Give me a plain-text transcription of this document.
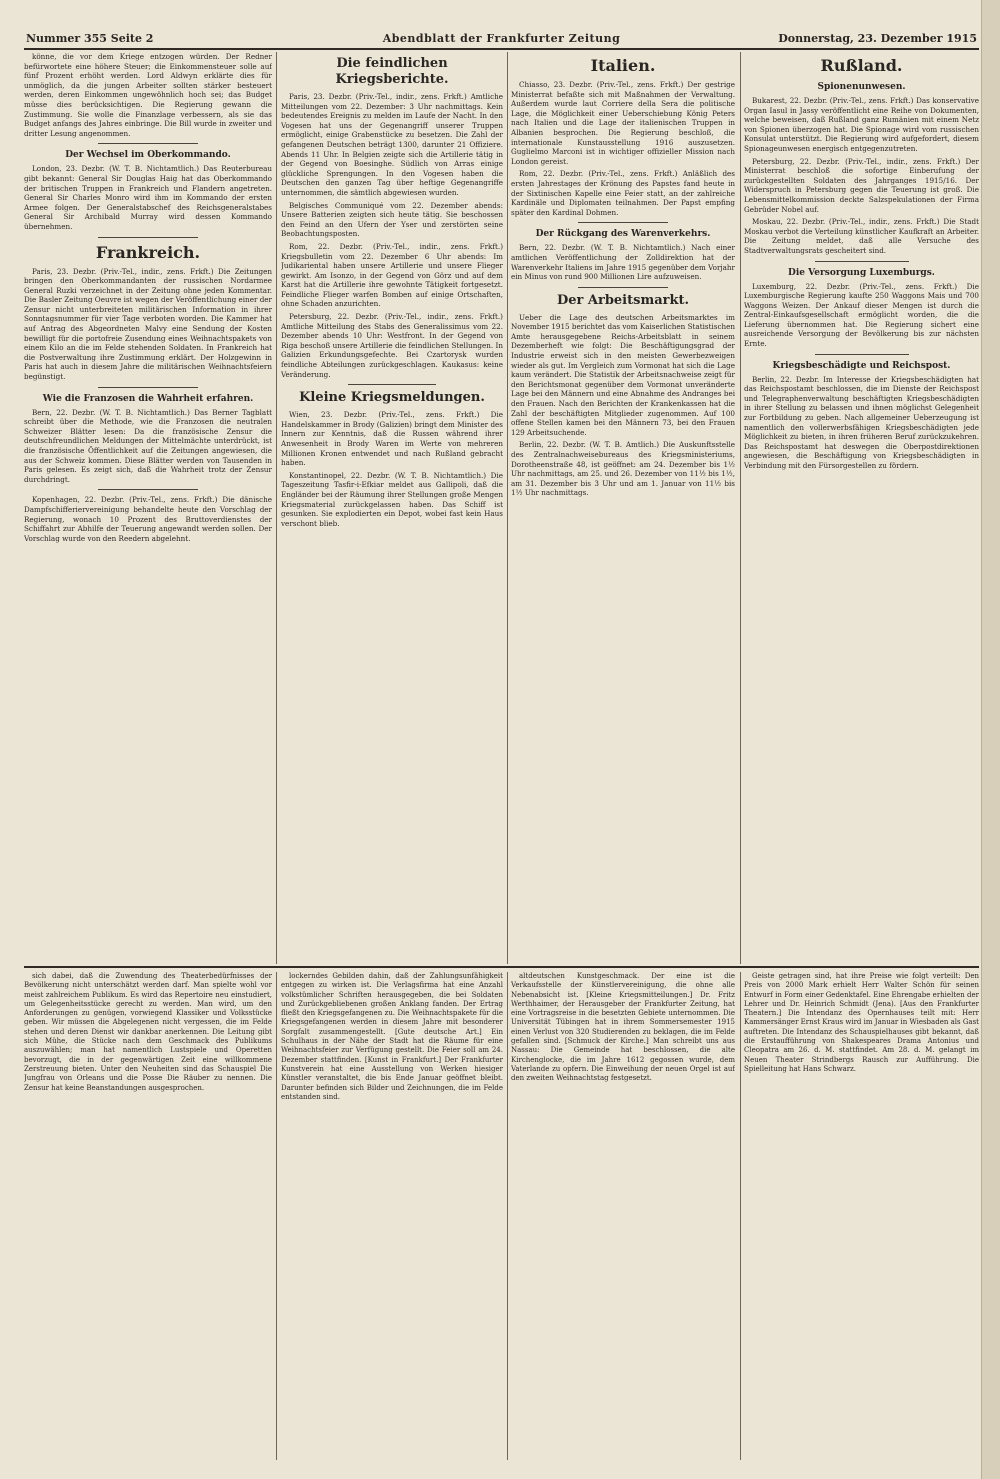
Nummer 355 Seite 2	Abendblatt der Frankfurter Zeitung	Donnerstag, 23. Dezember 1915

könne, die vor dem Kriege entzogen würden. Der Redner befürwortete eine höhere Steuer; die Einkommensteuer solle auf fünf Prozent erhöht werden. Lord Aldwyn erklärte dies für unmöglich, da die jungen Arbeiter sollten stärker besteuert werden, deren Einkommen ungewöhnlich hoch sei; das Budget müsse dies berücksichtigen. Die Regierung gewann die Zustimmung. Sie wolle die Finanzlage verbessern, als sie das Budget anfangs des Jahres einbringe. Die Bill wurde in zweiter und dritter Lesung angenommen.

Der Wechsel im Oberkommando.

London, 23. Dezbr. (W. T. B. Nichtamtlich.) Das Reuterbureau gibt bekannt: General Sir Douglas Haig hat das Oberkommando der britischen Truppen in Frankreich und Flandern angetreten. General Sir Charles Monro wird ihm im Kommando der ersten Armee folgen. Der Generalstabschef des Reichsgeneralstabes General Sir Archibald Murray wird dessen Kommando übernehmen.

Frankreich.

Paris, 23. Dezbr. (Priv.-Tel., indir., zens. Frkft.) Die Zeitungen bringen den Oberkommandanten der russischen Nordarmee General Ruzki verzeichnet in der Zeitung ohne jeden Kommentar. Die Basler Zeitung Oeuvre ist wegen der Veröffentlichung einer der Zensur nicht unterbreiteten militärischen Information in ihrer Sonntagsnummer für vier Tage verboten worden. Die Kammer hat auf Antrag des Abgeordneten Malvy eine Sendung der Kosten bewilligt für die portofreie Zusendung eines Weihnachtspakets von einem Kilo an die im Felde stehenden Soldaten. In Frankreich hat die Postverwaltung ihre Zustimmung erklärt. Der Holzgewinn in Paris hat auch in diesem Jahre die militärischen Weihnachtsfeiern begünstigt.

Wie die Franzosen die Wahrheit erfahren.

Bern, 22. Dezbr. (W. T. B. Nichtamtlich.) Das Berner Tagblatt schreibt über die Methode, wie die Franzosen die neutralen Schweizer Blätter lesen: Da die französische Zensur die deutschfreundlichen Meldungen der Mittelmächte unterdrückt, ist die französische Öffentlichkeit auf die Zeitungen angewiesen, die aus der Schweiz kommen. Diese Blätter werden von Tausenden in Paris gelesen. Es zeigt sich, daß die Wahrheit trotz der Zensur durchdringt.

Kopenhagen, 22. Dezbr. (Priv.-Tel., zens. Frkft.) Die dänische Dampfschifferiervereinigung behandelte heute den Vorschlag der Regierung, wonach 10 Prozent des Bruttoverdienstes der Schiffahrt zur Abhilfe der Teuerung angewandt werden sollen. Der Vorschlag wurde von den Reedern abgelehnt.

Die feindlichen Kriegsberichte.

Paris, 23. Dezbr. (Priv.-Tel., indir., zens. Frkft.) Amtliche Mitteilungen vom 22. Dezember: 3 Uhr nachmittags. Kein bedeutendes Ereignis zu melden im Laufe der Nacht. In den Vogesen hat uns der Gegenangriff unserer Truppen ermöglicht, einige Grabenstücke zu besetzen. Die Zahl der gefangenen Deutschen beträgt 1300, darunter 21 Offiziere. Abends 11 Uhr. In Belgien zeigte sich die Artillerie tätig in der Gegend von Boesinghe. Südlich von Arras einige glückliche Sprengungen. In den Vogesen haben die Deutschen den ganzen Tag über heftige Gegenangriffe unternommen, die sämtlich abgewiesen wurden.

Belgisches Communiqué vom 22. Dezember abends: Unsere Batterien zeigten sich heute tätig. Sie beschossen den Feind an den Ufern der Yser und zerstörten seine Beobachtungsposten.

Rom, 22. Dezbr. (Priv.-Tel., indir., zens. Frkft.) Kriegsbulletin vom 22. Dezember 6 Uhr abends: Im Judikariental haben unsere Artillerie und unsere Flieger gewirkt. Am Isonzo, in der Gegend von Görz und auf dem Karst hat die Artillerie ihre gewohnte Tätigkeit fortgesetzt. Feindliche Flieger warfen Bomben auf einige Ortschaften, ohne Schaden anzurichten.

Petersburg, 22. Dezbr. (Priv.-Tel., indir., zens. Frkft.) Amtliche Mitteilung des Stabs des Generalissimus vom 22. Dezember abends 10 Uhr: Westfront. In der Gegend von Riga beschoß unsere Artillerie die feindlichen Stellungen. In Galizien Erkundungsgefechte. Bei Czartorysk wurden feindliche Abteilungen zurückgeschlagen. Kaukasus: keine Veränderung.

Kleine Kriegsmeldungen.

Wien, 23. Dezbr. (Priv.-Tel., zens. Frkft.) Die Handelskammer in Brody (Galizien) bringt dem Minister des Innern zur Kenntnis, daß die Russen während ihrer Anwesenheit in Brody Waren im Werte von mehreren Millionen Kronen entwendet und nach Rußland gebracht haben.

Konstantinopel, 22. Dezbr. (W. T. B. Nichtamtlich.) Die Tageszeitung Tasfir-i-Efkiar meldet aus Gallipoli, daß die Engländer bei der Räumung ihrer Stellungen große Mengen Kriegsmaterial zurückgelassen haben. Das Schiff ist gesunken. Sie explodierten ein Depot, wobei fast kein Haus verschont blieb.

Italien.

Chiasso, 23. Dezbr. (Priv.-Tel., zens. Frkft.) Der gestrige Ministerrat befaßte sich mit Maßnahmen der Verwaltung. Außerdem wurde laut Corriere della Sera die politische Lage, die Möglichkeit einer Ueberschiebung König Peters nach Italien und die Lage der italienischen Truppen in Albanien besprochen. Die Regierung beschloß, die internationale Kunstausstellung 1916 auszusetzen. Guglielmo Marconi ist in wichtiger offizieller Mission nach London gereist.

Rom, 22. Dezbr. (Priv.-Tel., zens. Frkft.) Anläßlich des ersten Jahrestages der Krönung des Papstes fand heute in der Sixtinischen Kapelle eine Feier statt, an der zahlreiche Kardinäle und Diplomaten teilnahmen. Der Papst empfing später den Kardinal Dohmen.

Der Rückgang des Warenverkehrs.

Bern, 22. Dezbr. (W. T. B. Nichtamtlich.) Nach einer amtlichen Veröffentlichung der Zolldirektion hat der Warenverkehr Italiens im Jahre 1915 gegenüber dem Vorjahr ein Minus von rund 900 Millionen Lire aufzuweisen.

Der Arbeitsmarkt.

Ueber die Lage des deutschen Arbeitsmarktes im November 1915 berichtet das vom Kaiserlichen Statistischen Amte herausgegebene Reichs-Arbeitsblatt in seinem Dezemberheft wie folgt: Die Beschäftigungsgrad der Industrie erweist sich in den meisten Gewerbezweigen wieder als gut. Im Vergleich zum Vormonat hat sich die Lage kaum verändert. Die Statistik der Arbeitsnachweise zeigt für den Berichtsmonat gegenüber dem Vormonat unveränderte Lage bei den Männern und eine Abnahme des Andranges bei den Frauen. Nach den Berichten der Krankenkassen hat die Zahl der beschäftigten Mitglieder zugenommen. Auf 100 offene Stellen kamen bei den Männern 73, bei den Frauen 129 Arbeitsuchende.

Berlin, 22. Dezbr. (W. T. B. Amtlich.) Die Auskunftsstelle des Zentralnachweisebureaus des Kriegsministeriums, Dorotheenstraße 48, ist geöffnet: am 24. Dezember bis 1½ Uhr nachmittags, am 25. und 26. Dezember von 11½ bis 1½, am 31. Dezember bis 3 Uhr und am 1. Januar von 11½ bis 1½ Uhr nachmittags.

Rußland.
Spionenunwesen.

Bukarest, 22. Dezbr. (Priv.-Tel., zens. Frkft.) Das konservative Organ Iasul in Jassy veröffentlicht eine Reihe von Dokumenten, welche beweisen, daß Rußland ganz Rumänien mit einem Netz von Spionen überzogen hat. Die Spionage wird vom russischen Konsulat unterstützt. Die Regierung wird aufgefordert, diesem Spionageunwesen energisch entgegenzutreten.

Petersburg, 22. Dezbr. (Priv.-Tel., indir., zens. Frkft.) Der Ministerrat beschloß die sofortige Einberufung der zurückgestellten Soldaten des Jahrganges 1915/16. Der Widerspruch in Petersburg gegen die Teuerung ist groß. Die Lebensmittelkommission deckte Salzspekulationen der Firma Gebrüder Nobel auf.

Moskau, 22. Dezbr. (Priv.-Tel., indir., zens. Frkft.) Die Stadt Moskau verbot die Verteilung künstlicher Kaufkraft an Arbeiter. Die Zeitung meldet, daß alle Versuche des Stadtverwaltungsrats gescheitert sind.

Die Versorgung Luxemburgs.

Luxemburg, 22. Dezbr. (Priv.-Tel., zens. Frkft.) Die Luxemburgische Regierung kaufte 250 Waggons Mais und 700 Waggons Weizen. Der Ankauf dieser Mengen ist durch die Zentral-Einkaufsgesellschaft ermöglicht worden, die die Lieferung übernommen hat. Die Regierung sichert eine ausreichende Versorgung der Bevölkerung bis zur nächsten Ernte.

Kriegsbeschädigte und Reichspost.

Berlin, 22. Dezbr. Im Interesse der Kriegsbeschädigten hat das Reichspostamt beschlossen, die im Dienste der Reichspost und Telegraphenverwaltung beschäftigten Kriegsbeschädigten in ihrer Stellung zu belassen und ihnen möglichst Gelegenheit zur Fortbildung zu geben. Nach allgemeiner Ueberzeugung ist namentlich den vollerwerbsfähigen Kriegsbeschädigten jede Möglichkeit zu bieten, in ihren früheren Beruf zurückzukehren. Das Reichspostamt hat deswegen die Oberpostdirektionen angewiesen, die Beschäftigung von Kriegsbeschädigten in Verbindung mit den Fürsorgestellen zu fördern.

sich dabei, daß die Zuwendung des Theaterbedürfnisses der Bevölkerung nicht unterschätzt werden darf. Man spielte wohl vor meist zahlreichem Publikum. Es wird das Repertoire neu einstudiert, um Gelegenheitsstücke gerecht zu werden. Man wird, um den Anforderungen zu genügen, vorwiegend Klassiker und Volksstücke geben. Wir müssen die Abgelegenen nicht vergessen, die im Felde stehen und deren Dienst wir dankbar anerkennen. Die Leitung gibt sich Mühe, die Stücke nach dem Geschmack des Publikums auszuwählen; man hat namentlich Lustspiele und Operetten bevorzugt, die in der gegenwärtigen Zeit eine willkommene Zerstreuung bieten. Unter den Neuheiten sind das Schauspiel Die Jungfrau von Orleans und die Posse Die Räuber zu nennen. Die Zensur hat keine Beanstandungen ausgesprochen.

lockerndes Gebilden dahin, daß der Zahlungsunfähigkeit entgegen zu wirken ist. Die Verlagsfirma hat eine Anzahl volkstümlicher Schriften herausgegeben, die bei Soldaten und Zurückgebliebenen großen Anklang fanden. Der Ertrag fließt den Kriegsgefangenen zu. Die Weihnachtspakete für die Kriegsgefangenen werden in diesem Jahre mit besonderer Sorgfalt zusammengestellt. [Gute deutsche Art.] Ein Schulhaus in der Nähe der Stadt hat die Räume für eine Weihnachtsfeier zur Verfügung gestellt. Die Feier soll am 24. Dezember stattfinden. [Kunst in Frankfurt.] Der Frankfurter Kunstverein hat eine Ausstellung von Werken hiesiger Künstler veranstaltet, die bis Ende Januar geöffnet bleibt. Darunter befinden sich Bilder und Zeichnungen, die im Felde entstanden sind.

altdeutschen Kunstgeschmack. Der eine ist die Verkaufsstelle der Künstlervereinigung, die ohne alle Nebenabsicht ist. [Kleine Kriegsmitteilungen.] Dr. Fritz Werthhaimer, der Herausgeber der Frankfurter Zeitung, hat eine Vortragsreise in die besetzten Gebiete unternommen. Die Universität Tübingen hat in ihrem Sommersemester 1915 einen Verlust von 320 Studierenden zu beklagen, die im Felde gefallen sind. [Schmuck der Kirche.] Man schreibt uns aus Nassau: Die Gemeinde hat beschlossen, die alte Kirchenglocke, die im Jahre 1612 gegossen wurde, dem Vaterlande zu opfern. Die Einweihung der neuen Orgel ist auf den zweiten Weihnachtstag festgesetzt.

Geiste getragen sind, hat ihre Preise wie folgt verteilt: Den Preis von 2000 Mark erhielt Herr Walter Schön für seinen Entwurf in Form einer Gedenktafel. Eine Ehrengabe erhielten der Lehrer und Dr. Heinrich Schmidt (Jena). [Aus den Frankfurter Theatern.] Die Intendanz des Opernhauses teilt mit: Herr Kammersänger Ernst Kraus wird im Januar in Wiesbaden als Gast auftreten. Die Intendanz des Schauspielhauses gibt bekannt, daß die Erstaufführung von Shakespeares Drama Antonius und Cleopatra am 26. d. M. stattfindet. Am 28. d. M. gelangt im Neuen Theater Strindbergs Rausch zur Aufführung. Die Spielleitung hat Hans Schwarz.
